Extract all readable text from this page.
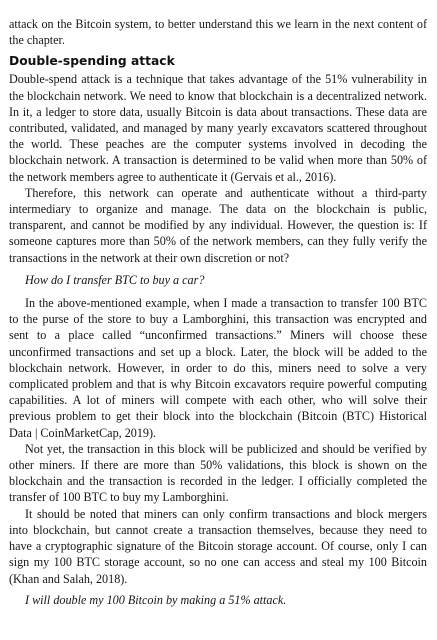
attack on the Bitcoin system, to better understand this we learn in the next content of the chapter.

Double-spending attack

Double-spend attack is a technique that takes advantage of the 51% vulnerability in the blockchain network. We need to know that blockchain is a decentralized network. In it, a ledger to store data, usually Bitcoin is data about transactions. These data are contributed, validated, and managed by many yearly excavators scattered throughout the world. These peaches are the computer systems involved in decoding the blockchain network. A transaction is determined to be valid when more than 50% of the network members agree to authenticate it (Gervais et al., 2016).

Therefore, this network can operate and authenticate without a third-party intermediary to organize and manage. The data on the blockchain is public, transparent, and cannot be modified by any individual. However, the question is: If someone captures more than 50% of the network members, can they fully verify the transactions in the network at their own discretion or not?

How do I transfer BTC to buy a car?

In the above-mentioned example, when I made a transaction to transfer 100 BTC to the purse of the store to buy a Lamborghini, this transaction was encrypted and sent to a place called “unconfirmed transactions.” Miners will choose these unconfirmed transactions and set up a block. Later, the block will be added to the blockchain network. However, in order to do this, miners need to solve a very complicated problem and that is why Bitcoin excavators require powerful computing capabilities. A lot of miners will compete with each other, who will solve their previous problem to get their block into the blockchain (Bitcoin (BTC) Historical Data | CoinMarketCap, 2019).

Not yet, the transaction in this block will be publicized and should be verified by other miners. If there are more than 50% validations, this block is shown on the blockchain and the transaction is recorded in the ledger. I officially completed the transfer of 100 BTC to buy my Lamborghini.

It should be noted that miners can only confirm transactions and block mergers into blockchain, but cannot create a transaction themselves, because they need to have a cryptographic signature of the Bitcoin storage account. Of course, only I can sign my 100 BTC storage account, so no one can access and steal my 100 Bitcoin (Khan and Salah, 2018).

I will double my 100 Bitcoin by making a 51% attack.
